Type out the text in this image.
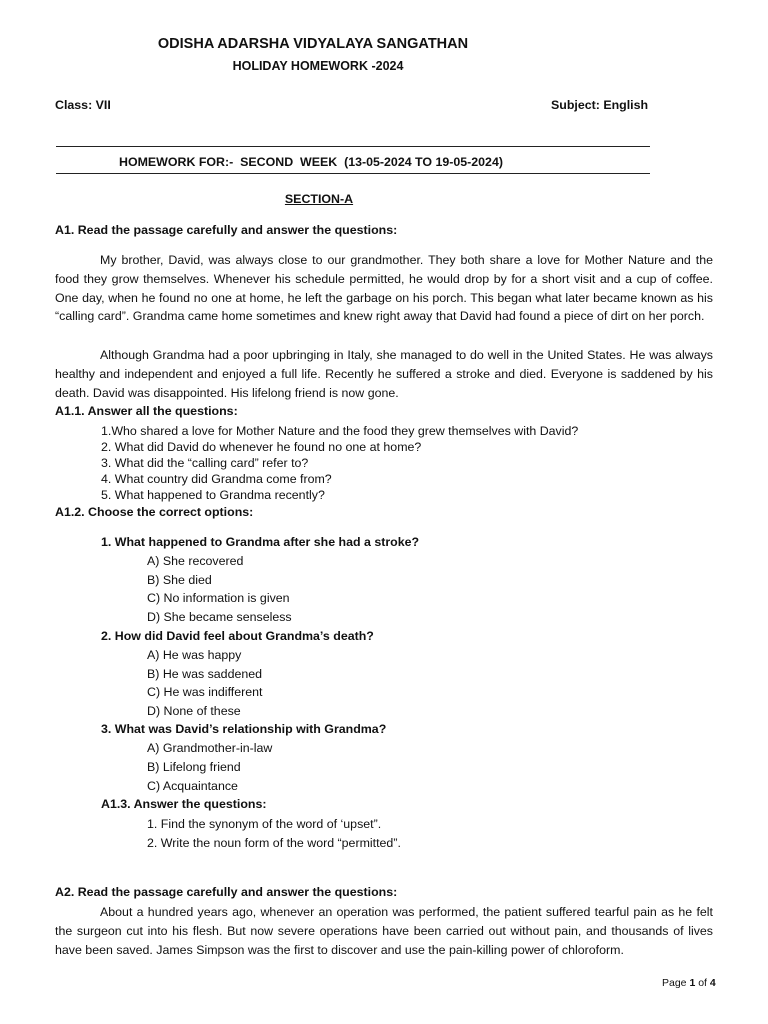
ODISHA ADARSHA VIDYALAYA SANGATHAN
HOLIDAY HOMEWORK -2024
Class: VII	Subject: English
HOMEWORK FOR:-  SECOND  WEEK  (13-05-2024 TO 19-05-2024)
SECTION-A
A1. Read the passage carefully and answer the questions:
My brother, David, was always close to our grandmother. They both share a love for Mother Nature and the food they grow themselves. Whenever his schedule permitted, he would drop by for a short visit and a cup of coffee. One day, when he found no one at home, he left the garbage on his porch. This began what later became known as his “calling card”. Grandma came home sometimes and knew right away that David had found a piece of dirt on her porch.
Although Grandma had a poor upbringing in Italy, she managed to do well in the United States. He was always healthy and independent and enjoyed a full life. Recently he suffered a stroke and died. Everyone is saddened by his death. David was disappointed. His lifelong friend is now gone.
A1.1. Answer all the questions:
1.Who shared a love for Mother Nature and the food they grew themselves with David?
2. What did David do whenever he found no one at home?
3. What did the “calling card” refer to?
4. What country did Grandma come from?
5. What happened to Grandma recently?
A1.2. Choose the correct options:
1. What happened to Grandma after she had a stroke?
A) She recovered
B) She died
C) No information is given
D) She became senseless
2. How did David feel about Grandma’s death?
A) He was happy
B) He was saddened
C) He was indifferent
D) None of these
3. What was David’s relationship with Grandma?
A) Grandmother-in-law
B) Lifelong friend
C) Acquaintance
A1.3. Answer the questions:
1. Find the synonym of the word of ‘upset”.
2. Write the noun form of the word “permitted”.
A2. Read the passage carefully and answer the questions:
About a hundred years ago, whenever an operation was performed, the patient suffered tearful pain as he felt the surgeon cut into his flesh. But now severe operations have been carried out without pain, and thousands of lives have been saved. James Simpson was the first to discover and use the pain-killing power of chloroform.
Page 1 of 4
